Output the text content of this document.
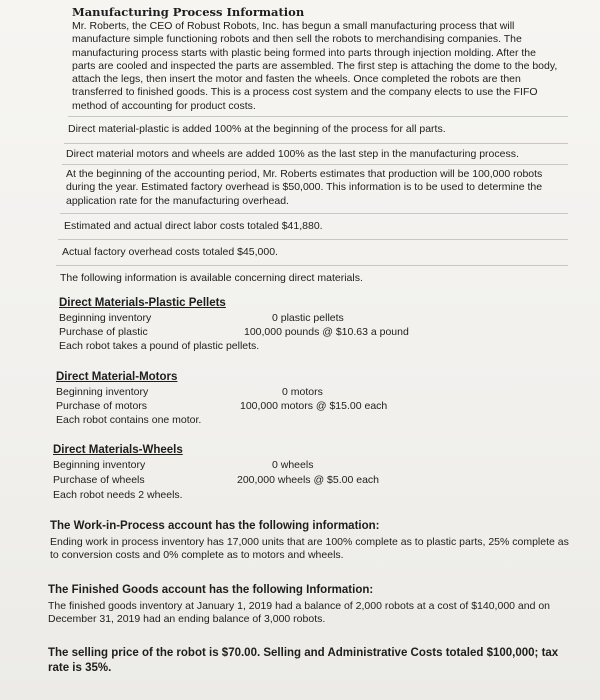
Manufacturing Process Information
Mr. Roberts, the CEO of Robust Robots, Inc. has begun a small manufacturing process that will manufacture simple functioning robots and then sell the robots to merchandising companies. The manufacturing process starts with plastic being formed into parts through injection molding. After the parts are cooled and inspected the parts are assembled. The first step is attaching the dome to the body, attach the legs, then insert the motor and fasten the wheels. Once completed the robots are then transferred to finished goods. This is a process cost system and the company elects to use the FIFO method of accounting for product costs.
Direct material-plastic is added 100% at the beginning of the process for all parts.
Direct material motors and wheels are added 100% as the last step in the manufacturing process.
At the beginning of the accounting period, Mr. Roberts estimates that production will be 100,000 robots during the year. Estimated factory overhead is $50,000. This information is to be used to determine the application rate for the manufacturing overhead.
Estimated and actual direct labor costs totaled $41,880.
Actual factory overhead costs totaled $45,000.
The following information is available concerning direct materials.
Direct Materials-Plastic Pellets
Beginning inventory	0 plastic pellets
Purchase of plastic	100,000 pounds @ $10.63 a pound
Each robot takes a pound of plastic pellets.
Direct Material-Motors
Beginning inventory	0 motors
Purchase of motors	100,000 motors @ $15.00 each
Each robot contains one motor.
Direct Materials-Wheels
Beginning inventory	0 wheels
Purchase of wheels	200,000 wheels @ $5.00 each
Each robot needs 2 wheels.
The Work-in-Process account has the following information:
Ending work in process inventory has 17,000 units that are 100% complete as to plastic parts, 25% complete as to conversion costs and 0% complete as to motors and wheels.
The Finished Goods account has the following Information:
The finished goods inventory at January 1, 2019 had a balance of 2,000 robots at a cost of $140,000 and on December 31, 2019 had an ending balance of 3,000 robots.
The selling price of the robot is $70.00. Selling and Administrative Costs totaled $100,000; tax rate is 35%.
